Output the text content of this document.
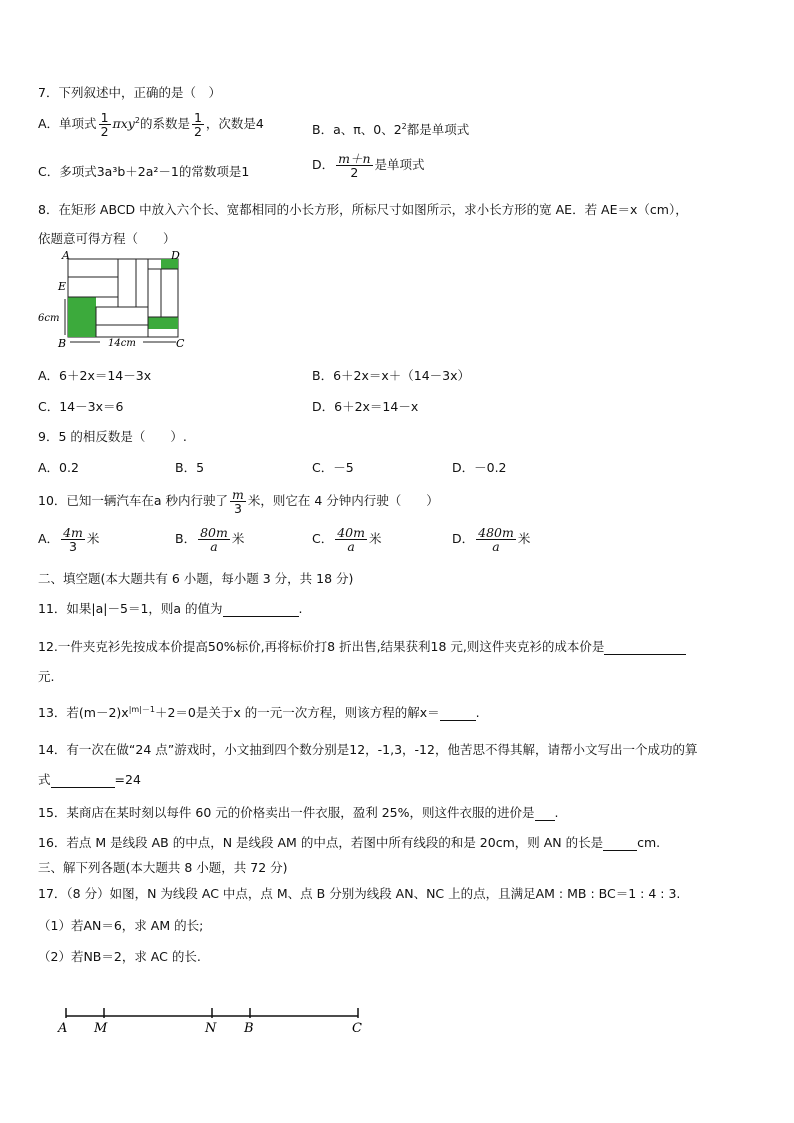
7．下列叙述中，正确的是（　）
A．单项式 $\frac{1}{2} \pi xy^2$的系数是 $\frac{1}{2}$ ，次数是4	B．a、π、0、$2^2$都是单项式
C．多项式3a³b＋2a²－1的常数项是1	D． $\frac{m+n}{2}$ 是单项式
8．在矩形 ABCD 中放入六个长、宽都相同的小长方形，所标尺寸如图所示，求小长方形的宽 AE．若 AE＝x（cm），
依题意可得方程（　　）
A	D
E
B	C
6cm
14cm
A．6＋2x＝14－3x	B．6＋2x＝x＋（14－3x）
C．14－3x＝6	D．6＋2x＝14－x
9．5 的相反数是（　　）.
A．0.2	B．5	C．－5	D．－0.2
10．已知一辆汽车在a 秒内行驶了 $\frac{m}{3}$ 米，则它在 4 分钟内行驶（　　）
A． $\frac{4m}{3}$ 米	B． $\frac{80m}{a}$ 米	C． $\frac{40m}{a}$ 米	D． $\frac{480m}{a}$ 米
二、填空题(本大题共有 6 小题，每小题 3 分，共 18 分)
11．如果|a|－5＝1，则a 的值为	.
12.一件夹克衫先按成本价提高50%标价,再将标价打8 折出售,结果获利18 元,则这件夹克衫的成本价是
元.
13．若$(m-2)x^{|m|-1}+2=0$是关于x 的一元一次方程，则该方程的解x＝	.
14．有一次在做“24 点”游戏时，小文抽到四个数分别是12，-1,3，-12，他苦思不得其解，请帮小文写出一个成功的算
式	=24
15．某商店在某时刻以每件 60 元的价格卖出一件衣服，盈利 25%，则这件衣服的进价是 .
16．若点 M 是线段 AB 的中点，N 是线段 AM 的中点，若图中所有线段的和是 20cm，则 AN 的长是	cm.
三、解下列各题(本大题共 8 小题，共 72 分)
17．（8 分）如图，N 为线段 AC 中点，点 M、点 B 分别为线段 AN、NC 上的点，且满足AM : MB : BC＝1 : 4 : 3.
（1）若AN＝6，求 AM 的长;
（2）若NB＝2，求 AC 的长.
A M	N B	C
